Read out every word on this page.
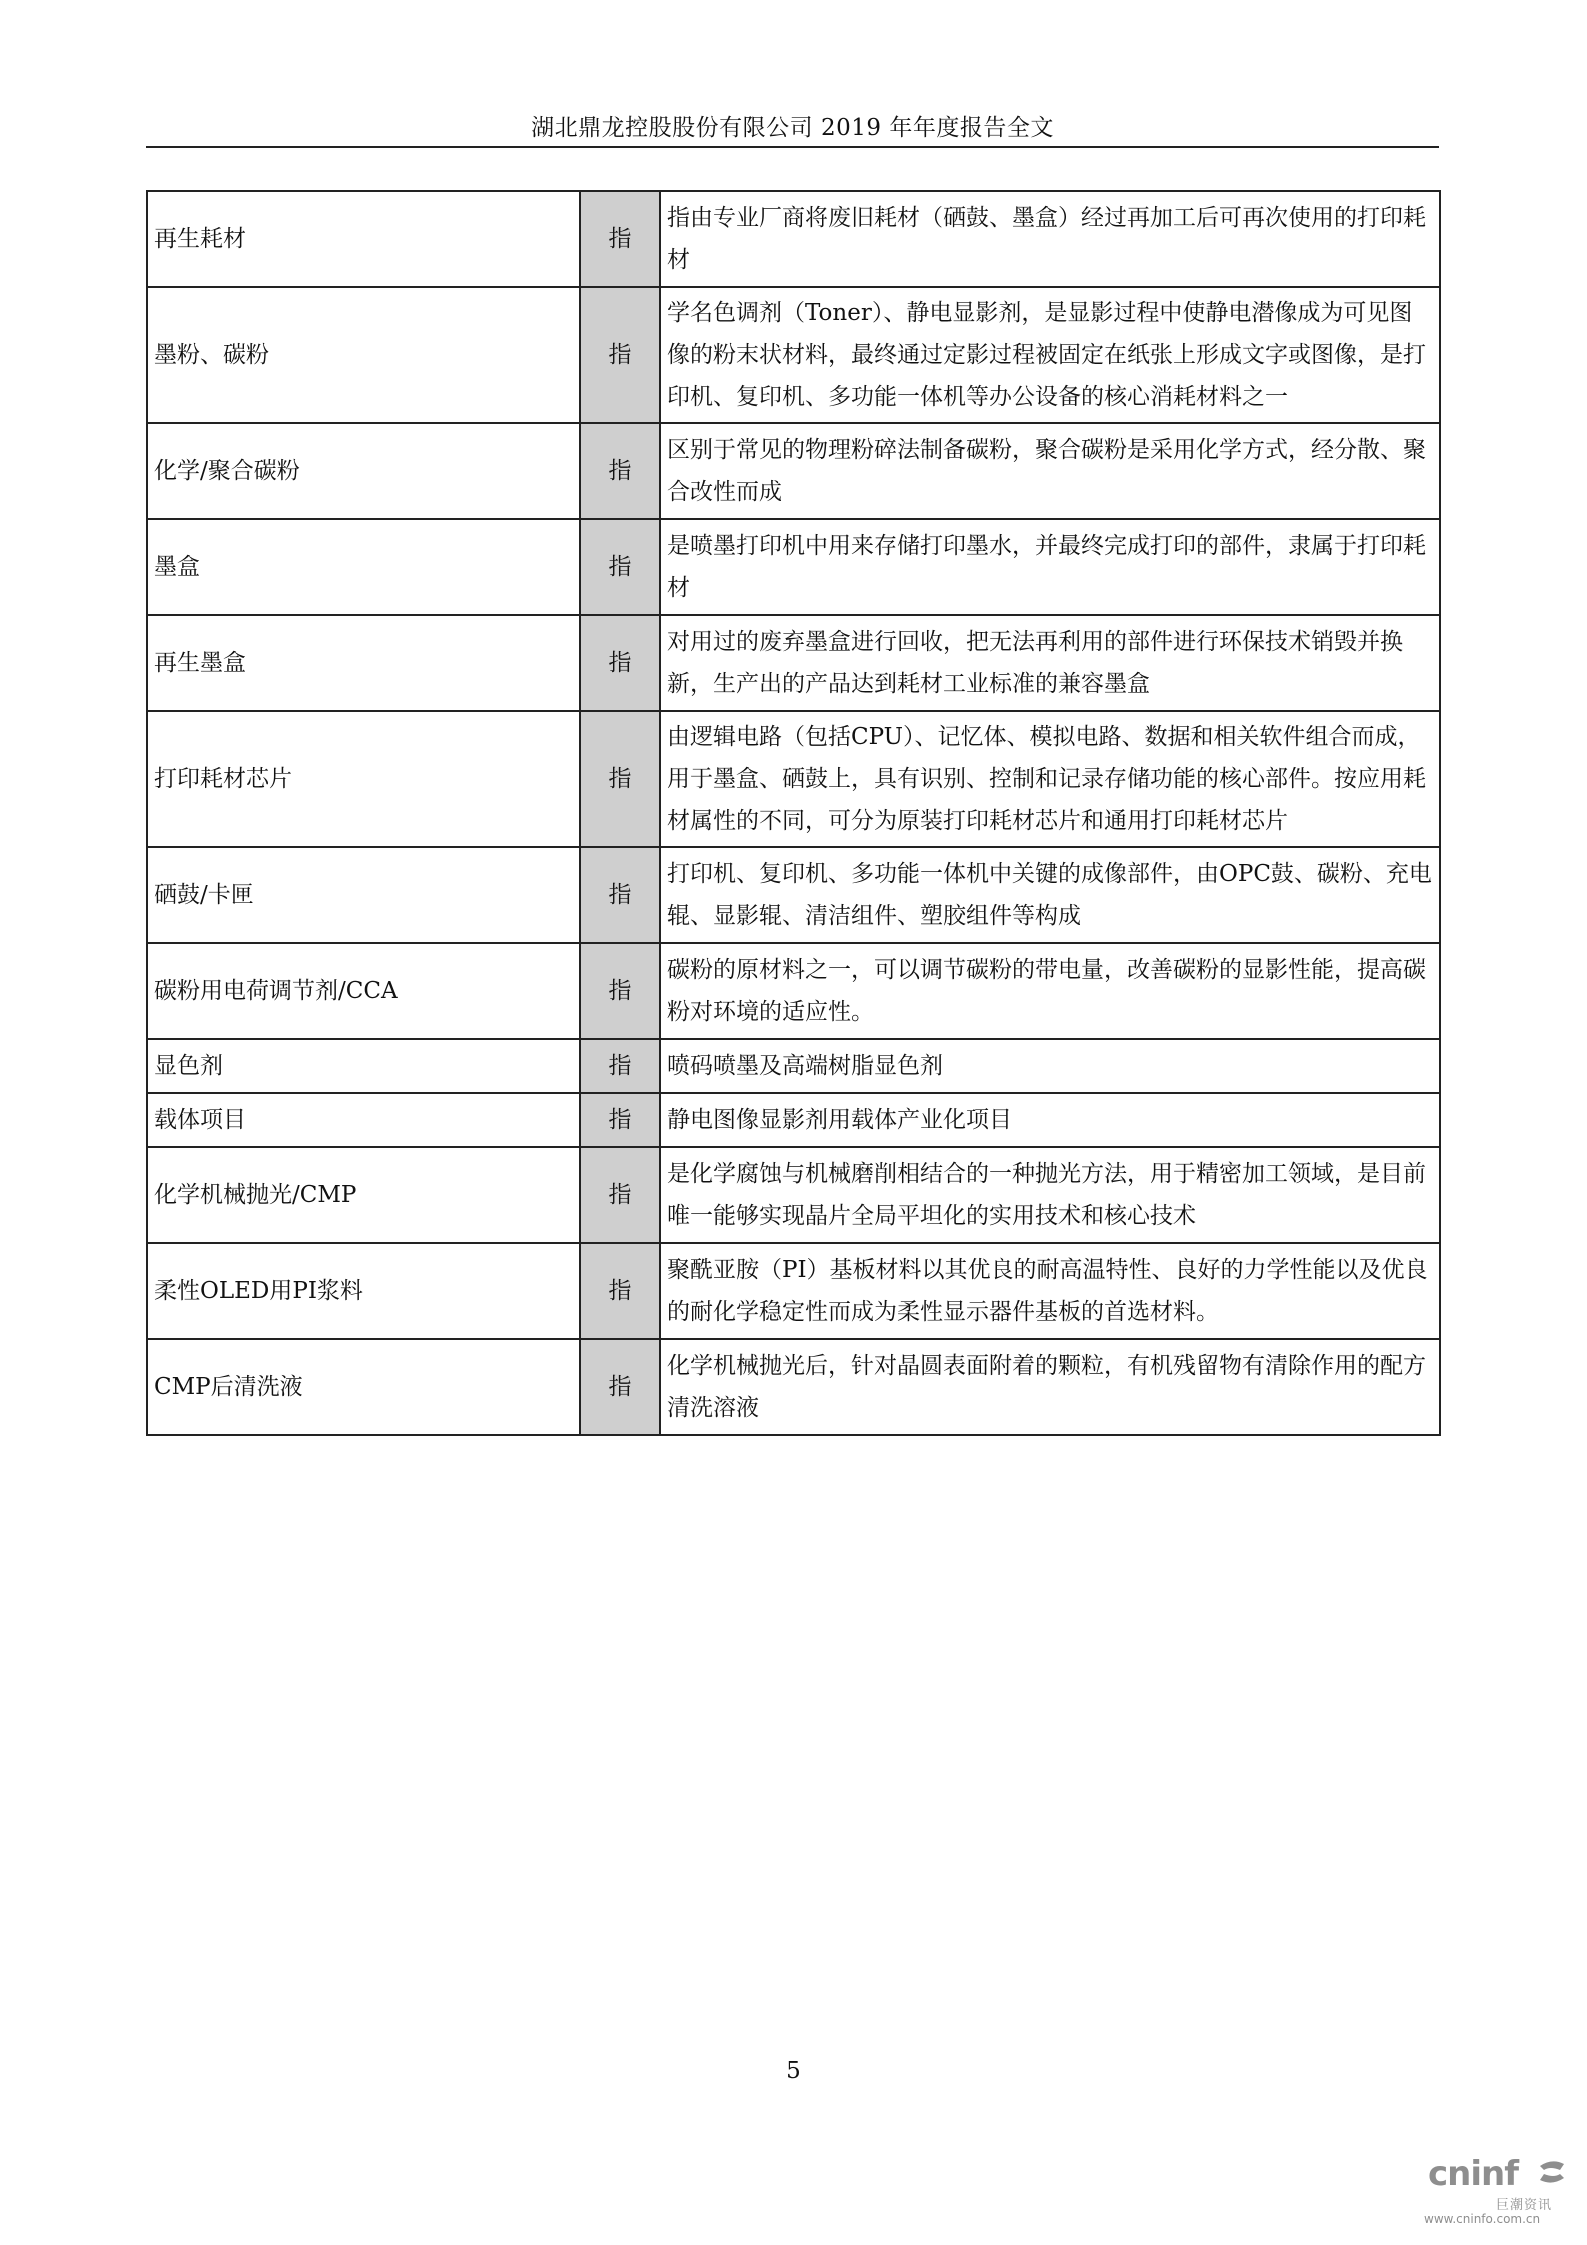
湖北鼎龙控股股份有限公司 2019 年年度报告全文
再生耗材	指	指由专业厂商将废旧耗材（硒鼓、墨盒）经过再加工后可再次使用的打印耗材
墨粉、碳粉	指	学名色调剂（Toner）、静电显影剂，是显影过程中使静电潜像成为可见图像的粉末状材料，最终通过定影过程被固定在纸张上形成文字或图像，是打印机、复印机、多功能一体机等办公设备的核心消耗材料之一
化学/聚合碳粉	指	区别于常见的物理粉碎法制备碳粉，聚合碳粉是采用化学方式，经分散、聚合改性而成
墨盒	指	是喷墨打印机中用来存储打印墨水，并最终完成打印的部件，隶属于打印耗材
再生墨盒	指	对用过的废弃墨盒进行回收，把无法再利用的部件进行环保技术销毁并换新，生产出的产品达到耗材工业标准的兼容墨盒
打印耗材芯片	指	由逻辑电路（包括CPU）、记忆体、模拟电路、数据和相关软件组合而成，用于墨盒、硒鼓上，具有识别、控制和记录存储功能的核心部件。按应用耗材属性的不同，可分为原装打印耗材芯片和通用打印耗材芯片
硒鼓/卡匣	指	打印机、复印机、多功能一体机中关键的成像部件，由OPC鼓、碳粉、充电辊、显影辊、清洁组件、塑胶组件等构成
碳粉用电荷调节剂/CCA	指	碳粉的原材料之一，可以调节碳粉的带电量，改善碳粉的显影性能，提高碳粉对环境的适应性。
显色剂	指	喷码喷墨及高端树脂显色剂
载体项目	指	静电图像显影剂用载体产业化项目
化学机械抛光/CMP	指	是化学腐蚀与机械磨削相结合的一种抛光方法，用于精密加工领域，是目前唯一能够实现晶片全局平坦化的实用技术和核心技术
柔性OLED用PI浆料	指	聚酰亚胺（PI）基板材料以其优良的耐高温特性、良好的力学性能以及优良的耐化学稳定性而成为柔性显示器件基板的首选材料。
CMP后清洗液	指	化学机械抛光后，针对晶圆表面附着的颗粒，有机残留物有清除作用的配方清洗溶液
5
cninf
巨潮资讯
www.cninfo.com.cn
